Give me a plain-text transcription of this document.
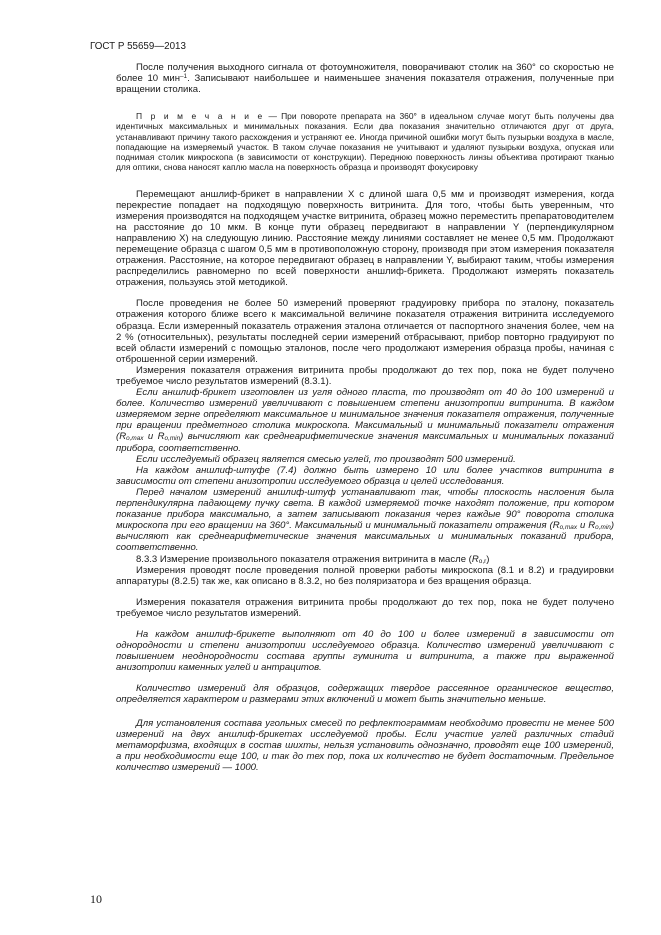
ГОСТ Р 55659—2013

После получения выходного сигнала от фотоумножителя, поворачивают столик на 360° со скоростью не более 10 мин$^{-1}$. Записывают наибольшее и наименьшее значения показателя отражения, полученные при вращении столика.

П р и м е ч а н и е — При повороте препарата на 360° в идеальном случае могут быть получены два идентичных максимальных и минимальных показания. Если два показания значительно отличаются друг от друга, устанавливают причину такого расхождения и устраняют ее. Иногда причиной ошибки могут быть пузырьки воздуха в масле, попадающие на измеряемый участок. В таком случае показания не учитывают и удаляют пузырьки воздуха, опуская или поднимая столик микроскопа (в зависимости от конструкции). Переднюю поверхность линзы объектива протирают тканью для оптики, снова наносят каплю масла на поверхность образца и производят фокусировку

Перемещают аншлиф-брикет в направлении X с длиной шага 0,5 мм и производят измерения, когда перекрестие попадает на подходящую поверхность витринита. Для того, чтобы быть уверенным, что измерения производятся на подходящем участке витринита, образец можно переместить препаратоводителем на расстояние до 10 мкм. В конце пути образец передвигают в направлении Y (перпендикулярном направлению X) на следующую линию. Расстояние между линиями составляет не менее 0,5 мм. Продолжают перемещение образца с шагом 0,5 мм в противоположную сторону, производя при этом измерения показателя отражения. Расстояние, на которое передвигают образец в направлении Y, выбирают таким, чтобы измерения распределились равномерно по всей поверхности аншлиф-брикета. Продолжают измерять показатель отражения, пользуясь этой методикой.

После проведения не более 50 измерений проверяют градуировку прибора по эталону, показатель отражения которого ближе всего к максимальной величине показателя отражения витринита исследуемого образца. Если измеренный показатель отражения эталона отличается от паспортного значения более, чем на 2 % (относительных), результаты последней серии измерений отбрасывают, прибор повторно градуируют по всей области измерений с помощью эталонов, после чего продолжают измерения образца пробы, начиная с отброшенной серии измерений.

Измерения показателя отражения витринита пробы продолжают до тех пор, пока не будет получено требуемое число результатов измерений (8.3.1).

Если аншлиф-брикет изготовлен из угля одного пласта, то производят от 40 до 100 измерений и более. Количество измерений увеличивают с повышением степени анизотропии витринита. В каждом измеряемом зерне определяют максимальное и минимальное значения показателя отражения, полученные при вращении предметного столика микроскопа. Максимальный и минимальный показатели отражения ($R_{o,max}$ и $R_{o,min}$) вычисляют как среднеарифметические значения максимальных и минимальных показаний прибора, соответственно.

Если исследуемый образец является смесью углей, то производят 500 измерений.

На каждом аншлиф-штуфе (7.4) должно быть измерено 10 или более участков витринита в зависимости от степени анизотропии исследуемого образца и целей исследования.

Перед началом измерений аншлиф-штуф устанавливают так, чтобы плоскость наслоения была перпендикулярна падающему пучку света. В каждой измеряемой точке находят положение, при котором показание прибора максимально, а затем записывают показания через каждые 90° поворота столика микроскопа при его вращении на 360°. Максимальный и минимальный показатели отражения ($R_{o,max}$ и $R_{o,min}$) вычисляют как среднеарифметические значения максимальных и минимальных показаний прибора, соответственно.

8.3.3 Измерение произвольного показателя отражения витринита в масле $(R_{o,r})$

Измерения проводят после проведения полной проверки работы микроскопа (8.1 и 8.2) и градуировки аппаратуры (8.2.5) так же, как описано в 8.3.2, но без поляризатора и без вращения образца.

Измерения показателя отражения витринита пробы продолжают до тех пор, пока не будет получено требуемое число результатов измерений.

На каждом аншлиф-брикете выполняют от 40 до 100 и более измерений в зависимости от однородности и степени анизотропии исследуемого образца. Количество измерений увеличивают с повышением неоднородности состава группы гуминита и витринита, а также при выраженной анизотропии каменных углей и антрацитов.

Количество измерений для образцов, содержащих твердое рассеянное органическое вещество, определяется характером и размерами этих включений и может быть значительно меньше.

Для установления состава угольных смесей по рефлектограммам необходимо провести не менее 500 измерений на двух аншлиф-брикетах исследуемой пробы. Если участие углей различных стадий метаморфизма, входящих в состав шихты, нельзя установить однозначно, проводят еще 100 измерений, а при необходимости еще 100, и так до тех пор, пока их количество не будет достаточным. Предельное количество измерений — 1000.

10
